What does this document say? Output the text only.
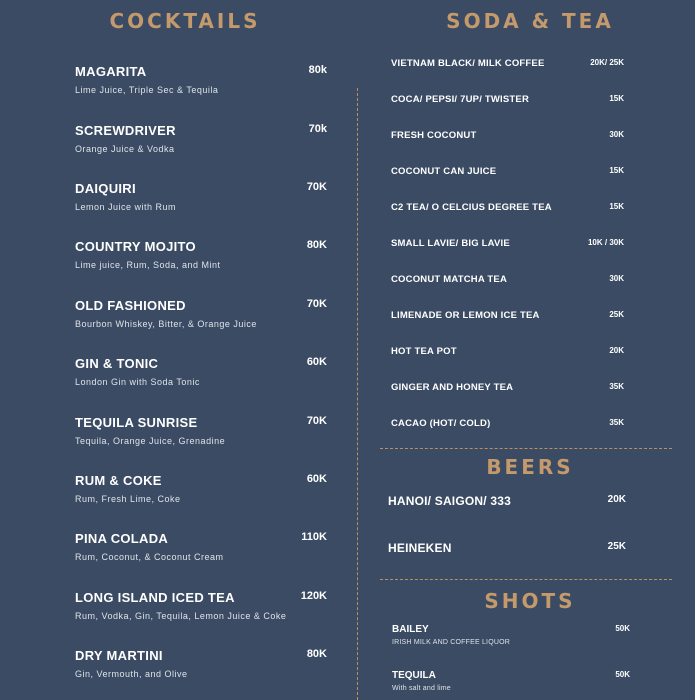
COCKTAILS	SODA & TEA
BEERS
SHOTS
MAGARITA	80k
Lime Juice, Triple Sec & Tequila
SCREWDRIVER	70k
Orange Juice & Vodka
DAIQUIRI	70K
Lemon Juice with Rum
COUNTRY MOJITO	80K
Lime juice, Rum, Soda, and Mint
OLD FASHIONED	70K
Bourbon Whiskey, Bitter, & Orange Juice
GIN & TONIC	60K
London Gin with Soda Tonic
TEQUILA SUNRISE	70K
Tequila, Orange Juice, Grenadine
RUM & COKE	60K
Rum, Fresh Lime, Coke
PINA COLADA	110K
Rum, Coconut, & Coconut Cream
LONG ISLAND ICED TEA	120K
Rum, Vodka, Gin, Tequila, Lemon Juice & Coke
DRY MARTINI	80K
Gin, Vermouth, and Olive
VIETNAM BLACK/ MILK COFFEE	20K/ 25K
COCA/ PEPSI/ 7UP/ TWISTER	15K
FRESH COCONUT	30K
COCONUT CAN JUICE	15K
C2 TEA/ O CELCIUS DEGREE TEA	15K
SMALL LAVIE/ BIG LAVIE	10K / 30K
COCONUT MATCHA TEA	30K
LIMENADE OR LEMON ICE TEA	25K
HOT TEA POT	20K
GINGER AND HONEY TEA	35K
CACAO (HOT/ COLD)	35K
HANOI/ SAIGON/ 333	20K
HEINEKEN	25K
BAILEY	50K
IRISH MILK AND COFFEE LIQUOR
TEQUILA	50K
With salt and lime
